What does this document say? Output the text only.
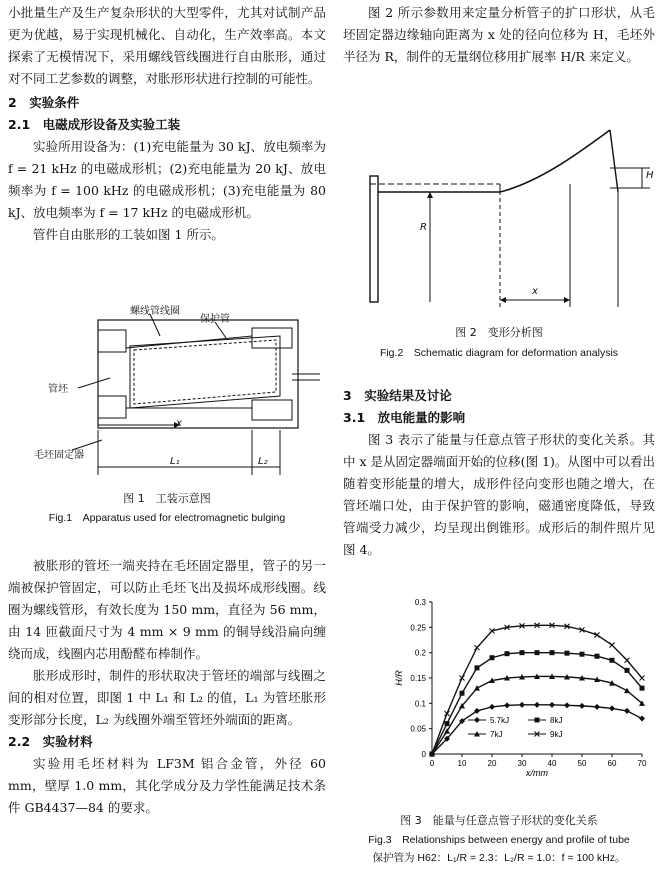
小批量生产及生产复杂形状的大型零件，尤其对试制产品更为优越，易于实现机械化、自动化，生产效率高。本文探索了无模情况下，采用螺线管线圈进行自由胀形，通过对不同工艺参数的调整，对胀形形状进行控制的可能性。

2　实验条件

2.1　电磁成形设备及实验工装

实验所用设备为：(1)充电能量为 30 kJ、放电频率为 f = 21 kHz 的电磁成形机；(2)充电能量为 20 kJ、放电频率为 f = 100 kHz 的电磁成形机；(3)充电能量为 80 kJ、放电频率为 f = 17 kHz 的电磁成形机。

管件自由胀形的工装如图 1 所示。

螺线管线圈
保护管
管坯
毛坯固定器
x
L₁	L₂
图 1　工装示意图
Fig.1　Apparatus used for electromagnetic bulging

被胀形的管坯一端夹持在毛坯固定器里，管子的另一端被保护管固定，可以防止毛坯飞出及损坏成形线圈。线圈为螺线管形，有效长度为 150 mm，直径为 56 mm，由 14 匝截面尺寸为 4 mm × 9 mm 的铜导线沿扁向缠绕而成，线圈内芯用酚醛布棒制作。

胀形成形时，制件的形状取决于管坯的端部与线圈之间的相对位置，即图 1 中 L₁ 和 L₂ 的值，L₁ 为管坯胀形变形部分长度，L₂ 为线圈外端至管坯外端面的距离。

2.2　实验材料

实验用毛坯材料为 LF3M 铝合金管，外径 60 mm，壁厚 1.0 mm，其化学成分及力学性能满足技术条件 GB4437—84 的要求。

图 2 所示参数用来定量分析管子的扩口形状，从毛坯固定器边缘轴向距离为 x 处的径向位移为 H，毛坯外半径为 R，制件的无量纲位移用扩展率 H/R 来定义。

H
R
x
图 2　变形分析图
Fig.2　Schematic diagram for deformation analysis

3　实验结果及讨论

3.1　放电能量的影响

图 3 表示了能量与任意点管子形状的变化关系。其中 x 是从固定器端面开始的位移(图 1)。从图中可以看出随着变形能量的增大，成形件径向变形也随之增大，在管坯端口处，由于保护管的影响，磁通密度降低，导致管端受力减少，均呈现出倒锥形。成形后的制件照片见图 4。

0
0.05
0.1
0.15
0.2
0.25
0.3
0	10	20	30	40	50	60	70
H/R
x/mm
5.7kJ	8kJ
7kJ	9kJ
图 3　能量与任意点管子形状的变化关系
Fig.3　Relationships between energy and profile of tube
保护管为 H62：L₁/R = 2.3：L₂/R = 1.0：f = 100 kHz。
